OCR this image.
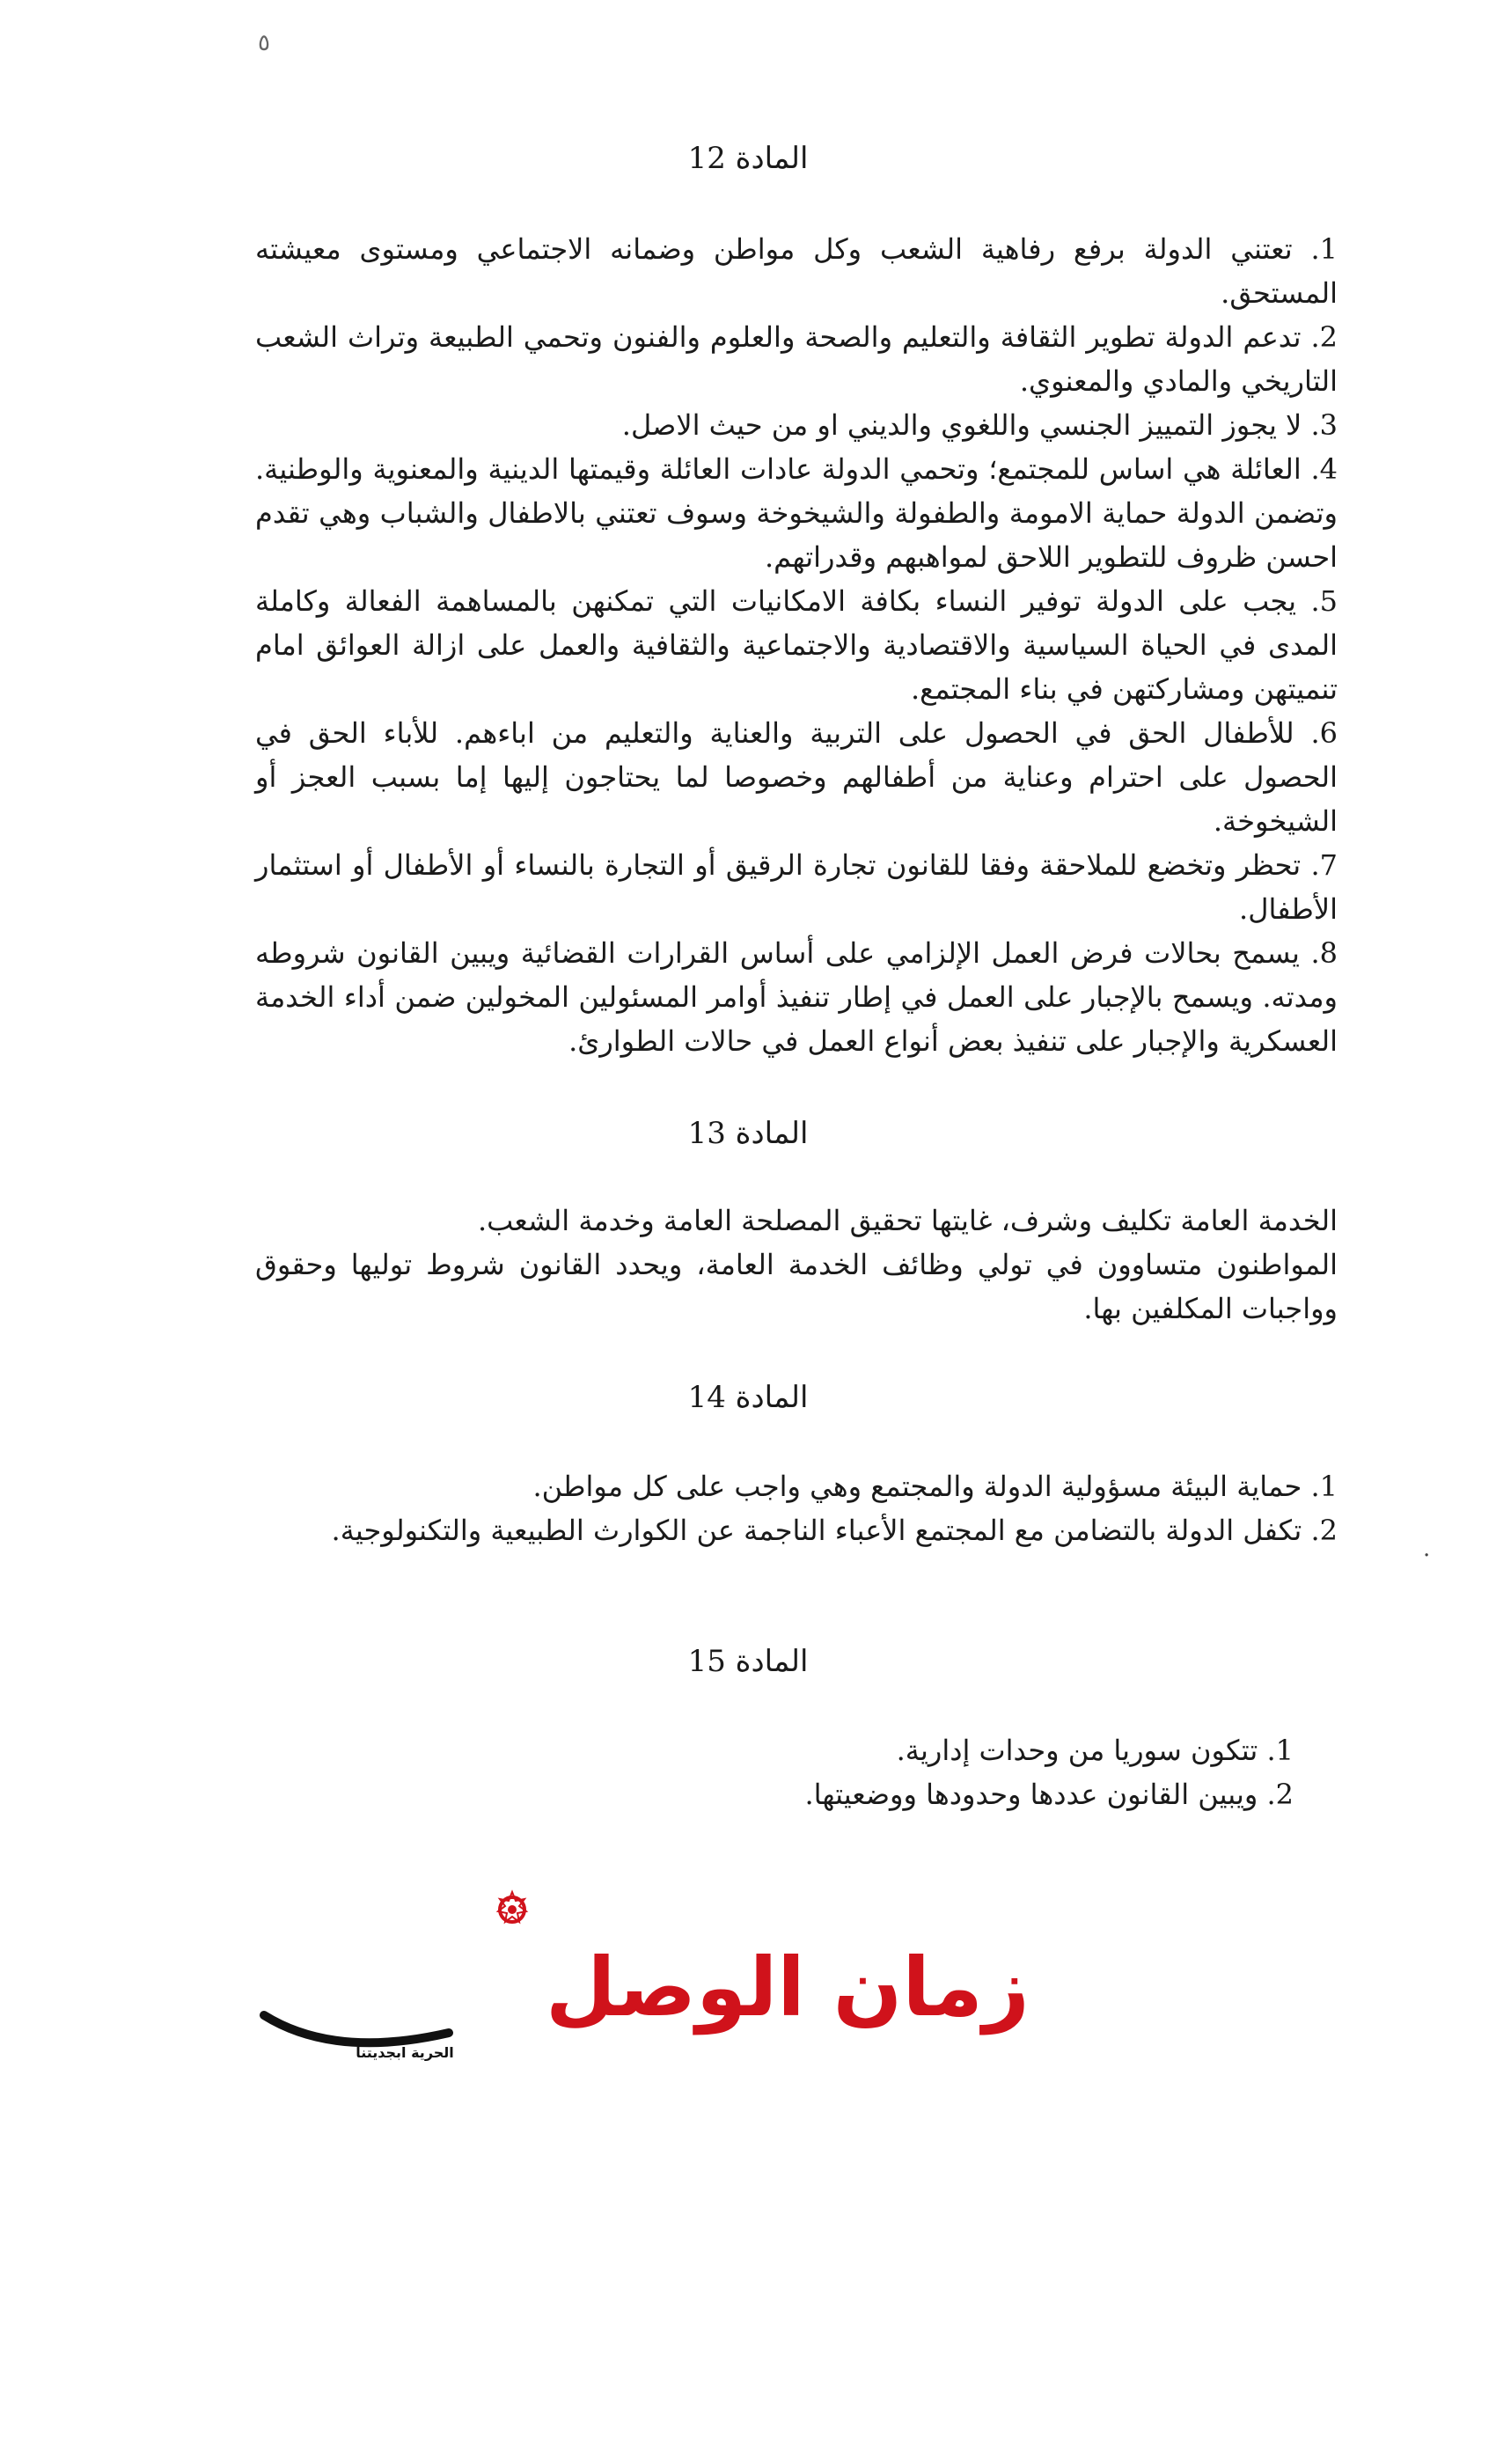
٥
المادة 12

1. تعتني الدولة برفع رفاهية الشعب وكل مواطن وضمانه الاجتماعي ومستوى معيشته المستحق.

2. تدعم الدولة تطوير الثقافة والتعليم والصحة والعلوم والفنون وتحمي الطبيعة وتراث الشعب التاريخي والمادي والمعنوي.

3. لا يجوز التمييز الجنسي واللغوي والديني او من حيث الاصل.

4. العائلة هي اساس للمجتمع؛ وتحمي الدولة عادات العائلة وقيمتها الدينية والمعنوية والوطنية. وتضمن الدولة حماية الامومة والطفولة والشيخوخة وسوف تعتني بالاطفال والشباب وهي تقدم احسن ظروف للتطوير اللاحق لمواهبهم وقدراتهم.

5. يجب على الدولة توفير النساء بكافة الامكانيات التي تمكنهن بالمساهمة الفعالة وكاملة المدى في الحياة السياسية والاقتصادية والاجتماعية والثقافية والعمل على ازالة العوائق امام تنميتهن ومشاركتهن في بناء المجتمع.

6. للأطفال الحق في الحصول على التربية والعناية والتعليم من اباءهم. للأباء الحق في الحصول على احترام وعناية من أطفالهم وخصوصا لما يحتاجون إليها إما بسبب العجز أو الشيخوخة.

7. تحظر وتخضع للملاحقة وفقا للقانون تجارة الرقيق أو التجارة بالنساء أو الأطفال أو استثمار الأطفال.

8. يسمح بحالات فرض العمل الإلزامي على أساس القرارات القضائية ويبين القانون شروطه ومدته. ويسمح بالإجبار على العمل في إطار تنفيذ أوامر المسئولين المخولين ضمن أداء الخدمة العسكرية والإجبار على تنفيذ بعض أنواع العمل في حالات الطوارئ.

المادة 13

الخدمة العامة تكليف وشرف، غايتها تحقيق المصلحة العامة وخدمة الشعب.

المواطنون متساوون في تولي وظائف الخدمة العامة، ويحدد القانون شروط توليها وحقوق وواجبات المكلفين بها.

المادة 14

1. حماية البيئة مسؤولية الدولة والمجتمع وهي واجب على كل مواطن.

2. تكفل الدولة بالتضامن مع المجتمع الأعباء الناجمة عن الكوارث الطبيعية والتكنولوجية.

.
المادة 15

1. تتكون سوريا من وحدات إدارية.

2. ويبين القانون عددها وحدودها ووضعيتها.

زمان الوصل
الحرية ابجديتنا
